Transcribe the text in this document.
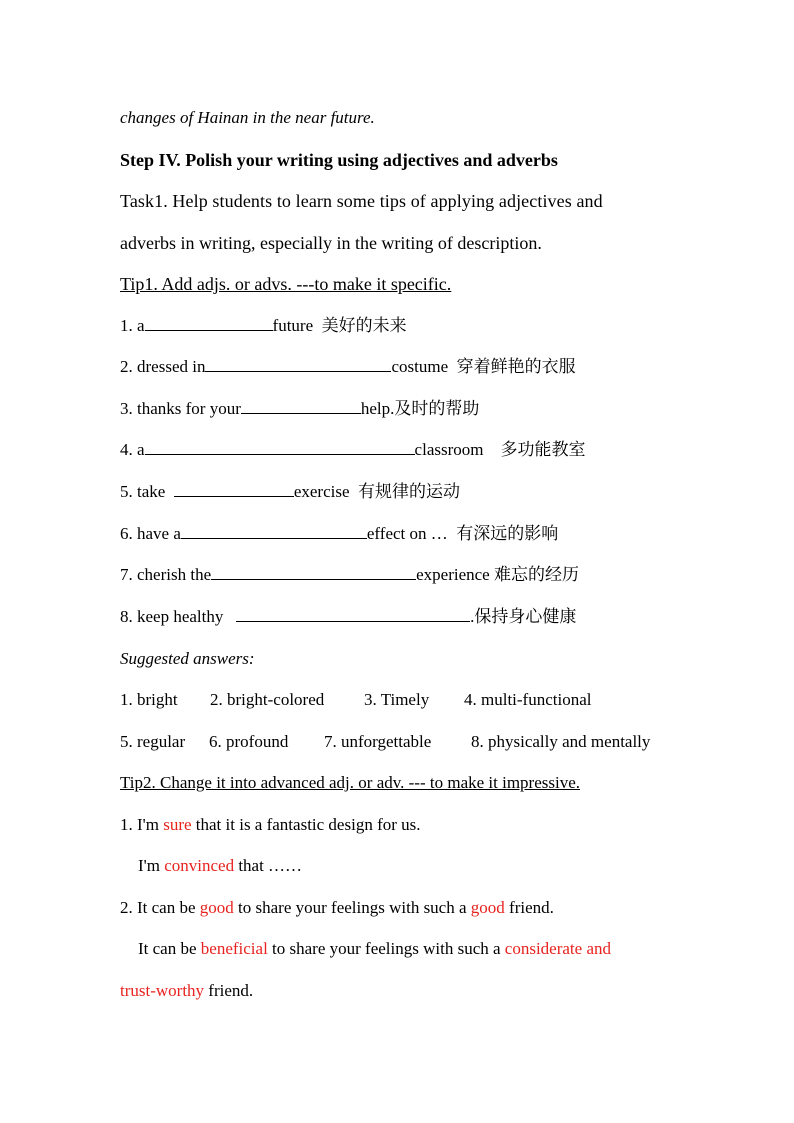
changes of Hainan in the near future.
Step IV. Polish your writing using adjectives and adverbs
Task1. Help students to learn some tips of applying adjectives and
adverbs in writing, especially in the writing of description.
Tip1. Add adjs. or advs. ---to make it specific.
1. a	future 美好的未来
2. dressed in	costume 穿着鲜艳的衣服
3. thanks for your	help.及时的帮助
4. a	classroom 多功能教室
5. take	exercise 有规律的运动
6. have a	effect on … 有深远的影响
7. cherish the	experience 难忘的经历
8. keep healthy	.保持身心健康
Suggested answers:
1. bright 2. bright-colored 3. Timely 4. multi-functional
5. regular 6. profound 7. unforgettable 8. physically and mentally
Tip2. Change it into advanced adj. or adv. --- to make it impressive.
1. I'm sure that it is a fantastic design for us.
I'm convinced that ……
2. It can be good to share your feelings with such a good friend.
It can be beneficial to share your feelings with such a considerate and
trust-worthy friend.
